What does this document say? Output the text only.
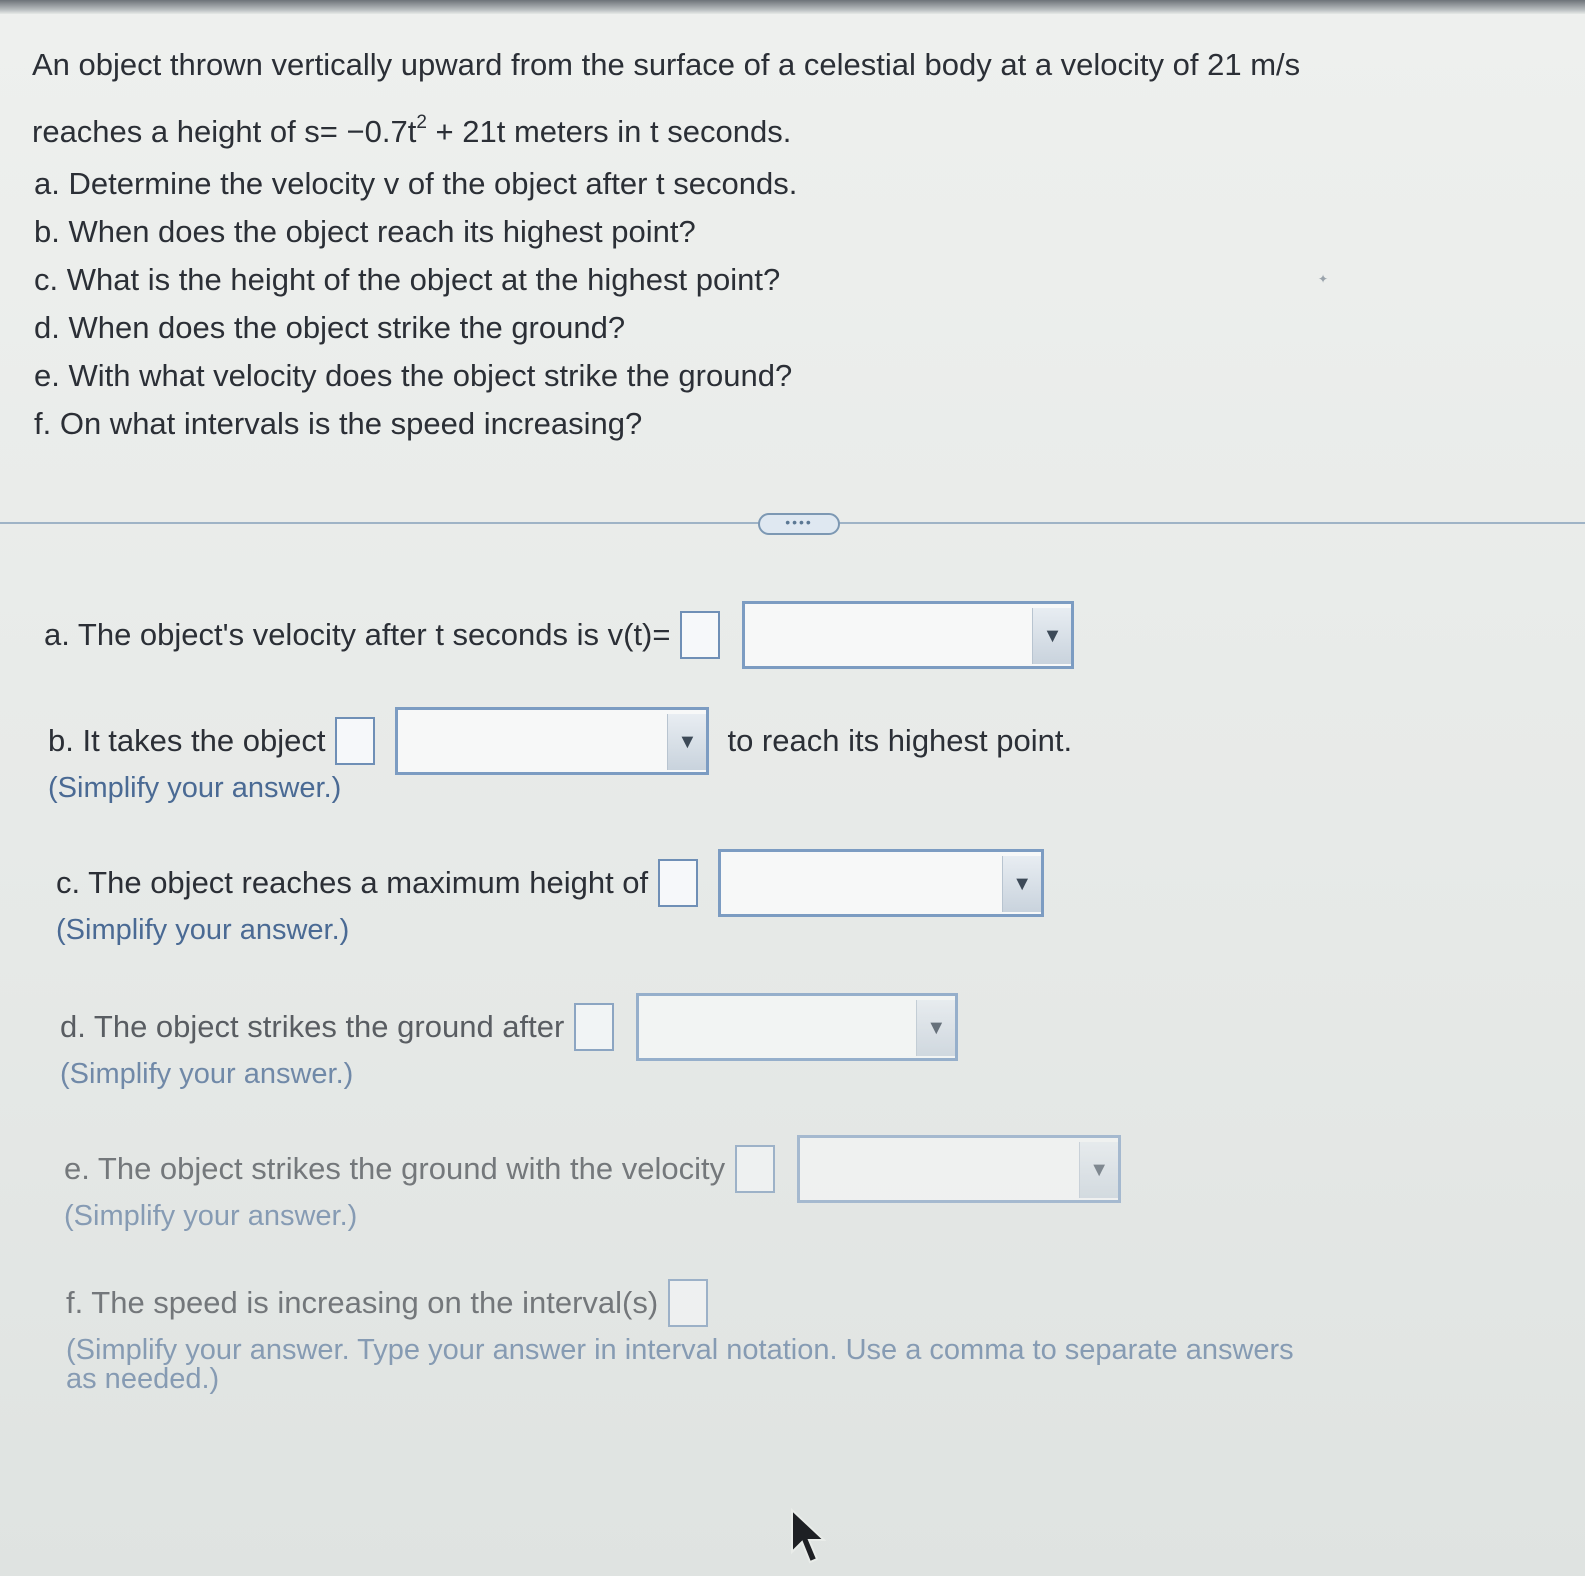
An object thrown vertically upward from the surface of a celestial body at a velocity of 21 m/s
reaches a height of $s= -0.7t^2 + 21t$ meters in t seconds.
a. Determine the velocity v of the object after t seconds.
b. When does the object reach its highest point?
c. What is the height of the object at the highest point?
d. When does the object strike the ground?
e. With what velocity does the object strike the ground?
f. On what intervals is the speed increasing?
••••
a. The object's velocity after t seconds is v(t)=	▼
b. It takes the object	▼ to reach its highest point.
(Simplify your answer.)
c. The object reaches a maximum height of	▼
(Simplify your answer.)
d. The object strikes the ground after	▼
(Simplify your answer.)
e. The object strikes the ground with the velocity	▼
(Simplify your answer.)
f. The speed is increasing on the interval(s)
(Simplify your answer. Type your answer in interval notation. Use a comma to separate answers
as needed.)
✦
